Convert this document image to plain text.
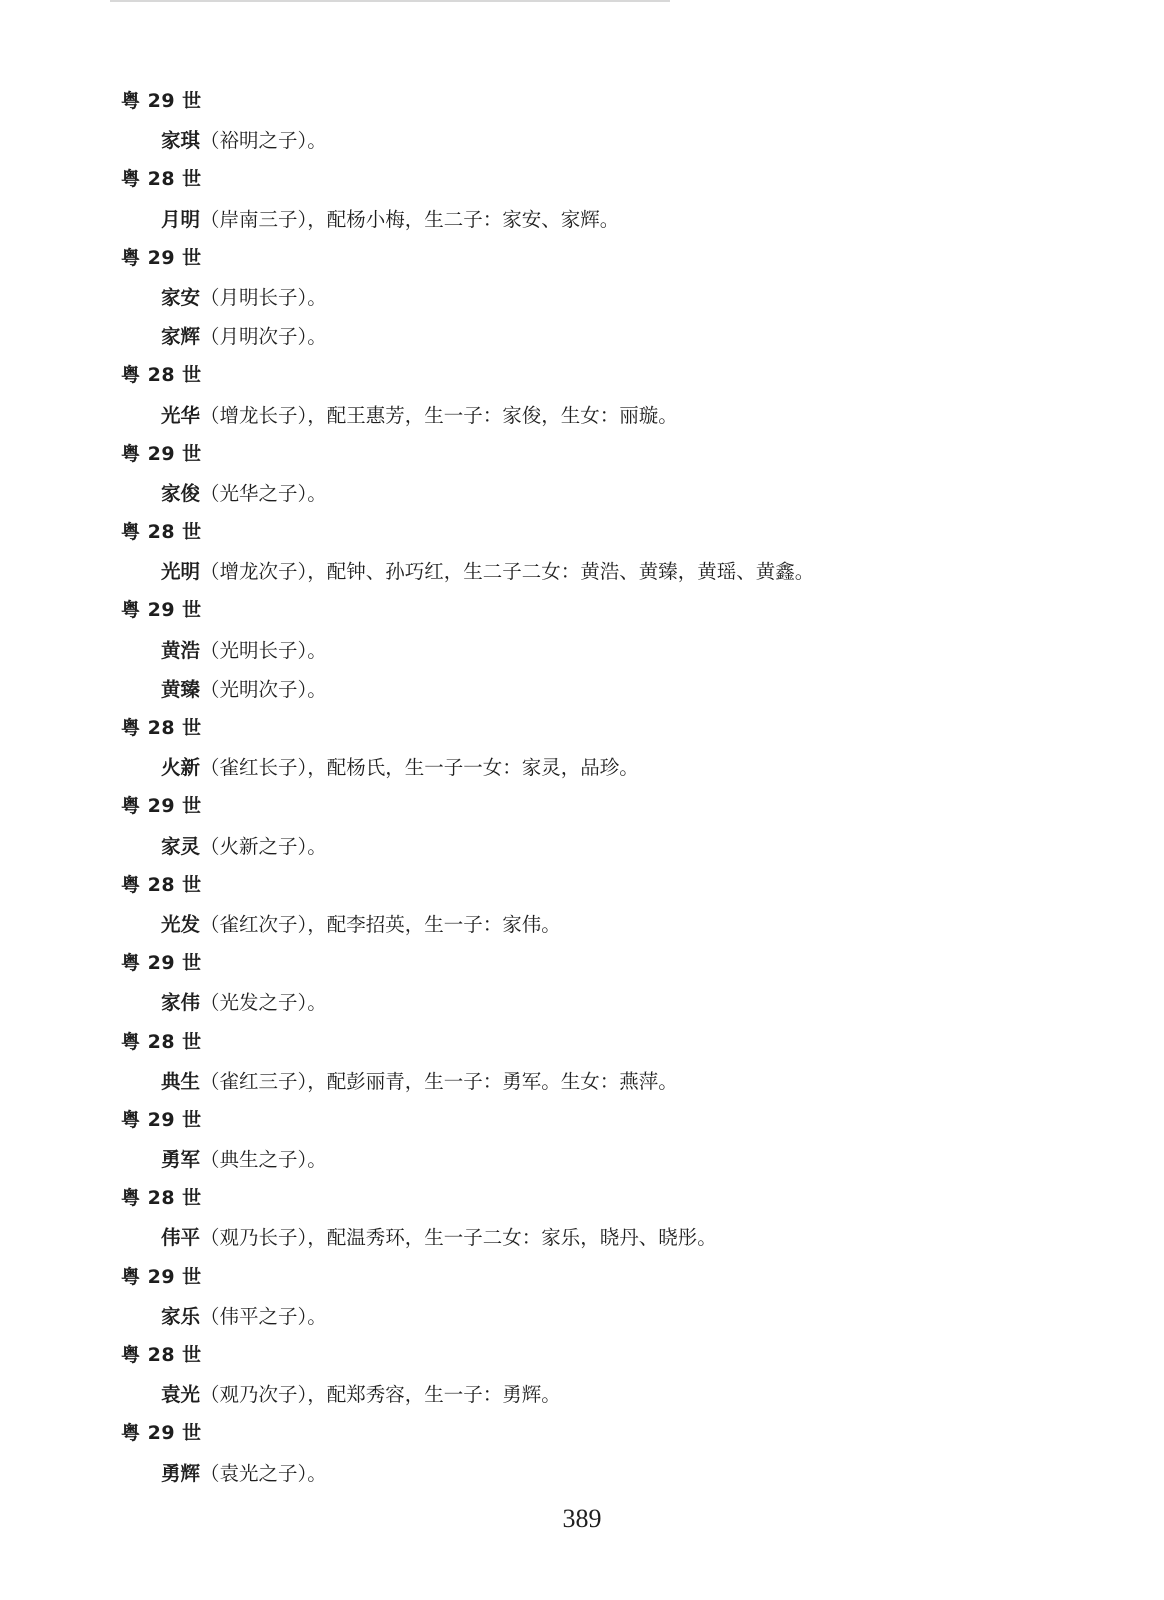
粤 29 世
家琪（裕明之子）。
粤 28 世
月明（岸南三子），配杨小梅，生二子：家安、家辉。
粤 29 世
家安（月明长子）。
家辉（月明次子）。
粤 28 世
光华（增龙长子），配王惠芳，生一子：家俊，生女：丽璇。
粤 29 世
家俊（光华之子）。
粤 28 世
光明（增龙次子），配钟、孙巧红，生二子二女：黄浩、黄臻，黄瑶、黄鑫。
粤 29 世
黄浩（光明长子）。
黄臻（光明次子）。
粤 28 世
火新（雀红长子），配杨氏，生一子一女：家灵，品珍。
粤 29 世
家灵（火新之子）。
粤 28 世
光发（雀红次子），配李招英，生一子：家伟。
粤 29 世
家伟（光发之子）。
粤 28 世
典生（雀红三子），配彭丽青，生一子：勇军。生女：燕萍。
粤 29 世
勇军（典生之子）。
粤 28 世
伟平（观乃长子），配温秀环，生一子二女：家乐，晓丹、晓彤。
粤 29 世
家乐（伟平之子）。
粤 28 世
袁光（观乃次子），配郑秀容，生一子：勇辉。
粤 29 世
勇辉（袁光之子）。
389
